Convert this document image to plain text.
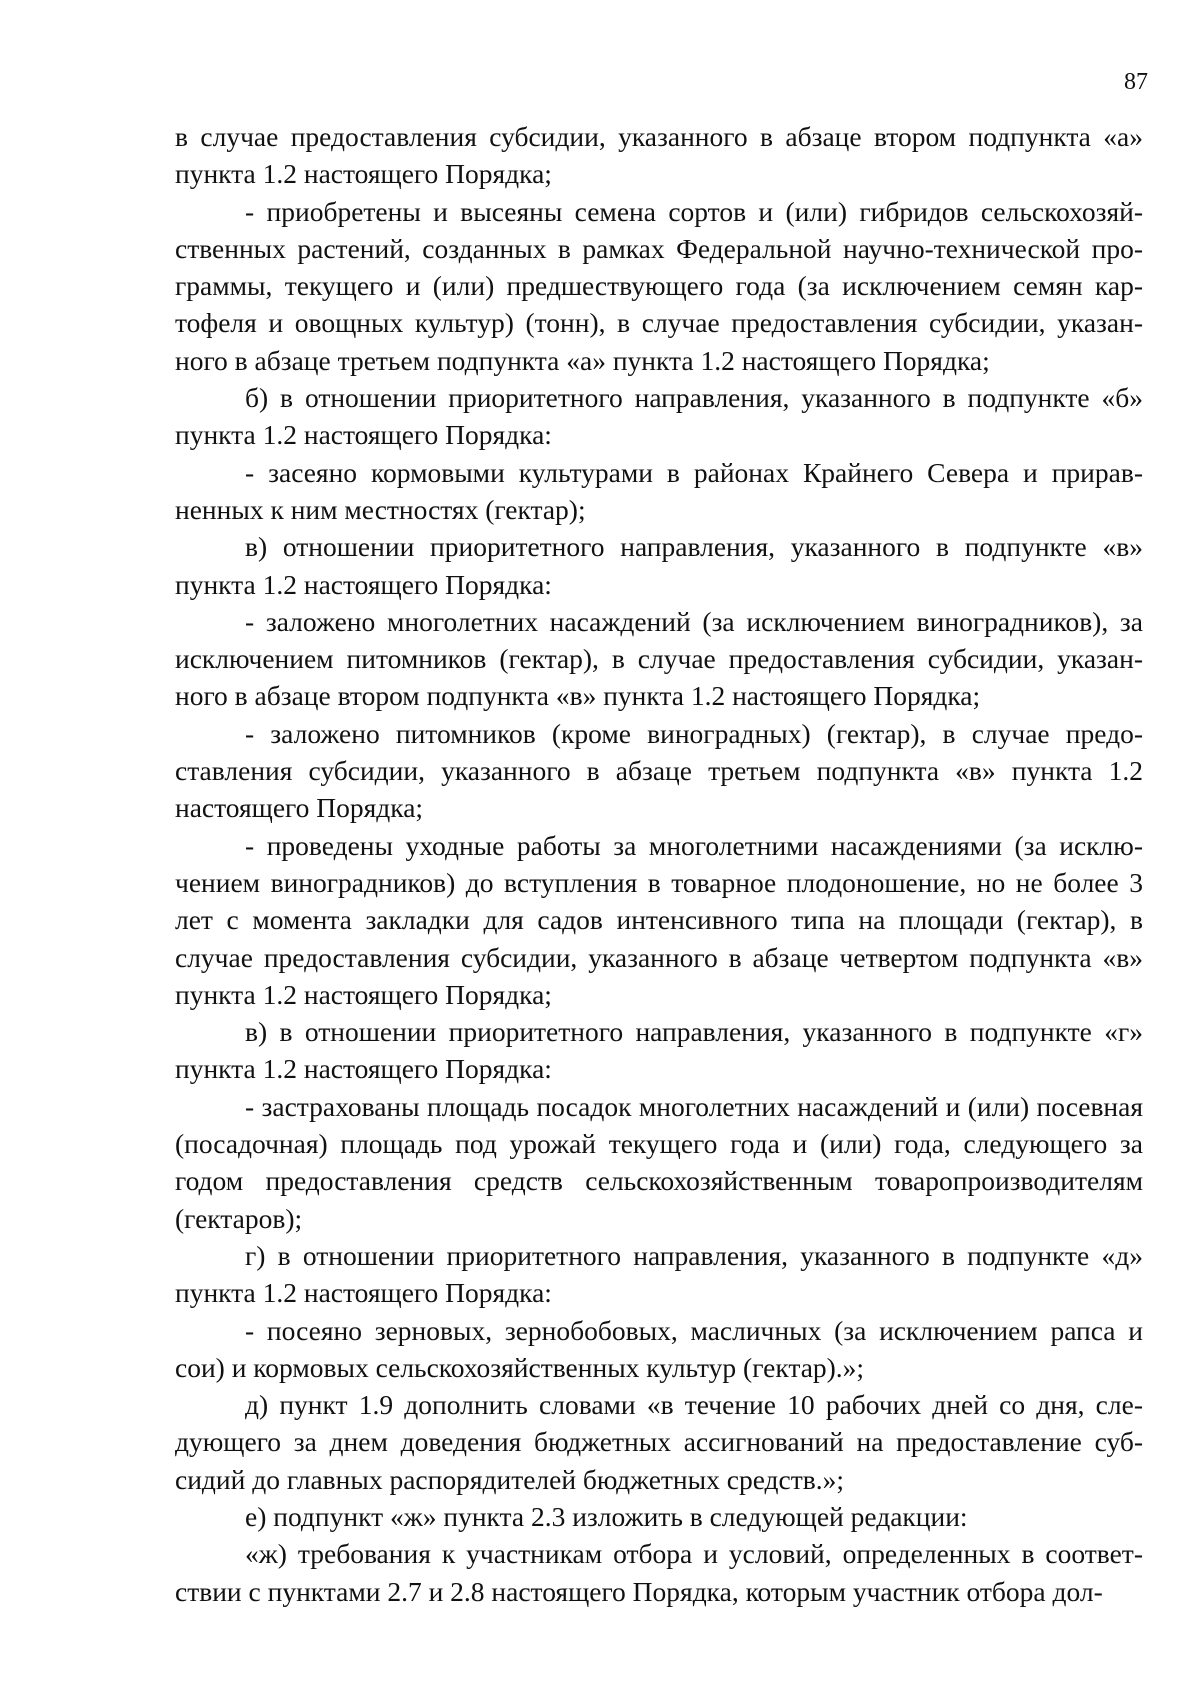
87

в случае предоставления субсидии, указанного в абзаце втором подпункта «а» пункта 1.2 настоящего Порядка;

- приобретены и высеяны семена сортов и (или) гибридов сельскохозяйственных растений, созданных в рамках Федеральной научно-технической программы, текущего и (или) предшествующего года (за исключением семян картофеля и овощных культур) (тонн), в случае предоставления субсидии, указанного в абзаце третьем подпункта «а» пункта 1.2 настоящего Порядка;

б) в отношении приоритетного направления, указанного в подпункте «б» пункта 1.2 настоящего Порядка:

- засеяно кормовыми культурами в районах Крайнего Севера и приравненных к ним местностях (гектар);

в) отношении приоритетного направления, указанного в подпункте «в» пункта 1.2 настоящего Порядка:

- заложено многолетних насаждений (за исключением виноградников), за исключением питомников (гектар), в случае предоставления субсидии, указанного в абзаце втором подпункта «в» пункта 1.2 настоящего Порядка;

- заложено питомников (кроме виноградных) (гектар), в случае предоставления субсидии, указанного в абзаце третьем подпункта «в» пункта 1.2 настоящего Порядка;

- проведены уходные работы за многолетними насаждениями (за исключением виноградников) до вступления в товарное плодоношение, но не более 3 лет с момента закладки для садов интенсивного типа на площади (гектар), в случае предоставления субсидии, указанного в абзаце четвертом подпункта «в» пункта 1.2 настоящего Порядка;

в) в отношении приоритетного направления, указанного в подпункте «г» пункта 1.2 настоящего Порядка:

- застрахованы площадь посадок многолетних насаждений и (или) посевная (посадочная) площадь под урожай текущего года и (или) года, следующего за годом предоставления средств сельскохозяйственным товаропроизводителям (гектаров);

г) в отношении приоритетного направления, указанного в подпункте «д» пункта 1.2 настоящего Порядка:

- посеяно зерновых, зернобобовых, масличных (за исключением рапса и сои) и кормовых сельскохозяйственных культур (гектар).»;

д) пункт 1.9 дополнить словами «в течение 10 рабочих дней со дня, следующего за днем доведения бюджетных ассигнований на предоставление субсидий до главных распорядителей бюджетных средств.»;

е) подпункт «ж» пункта 2.3 изложить в следующей редакции:

«ж) требования к участникам отбора и условий, определенных в соответствии с пунктами 2.7 и 2.8 настоящего Порядка, которым участник отбора дол-
